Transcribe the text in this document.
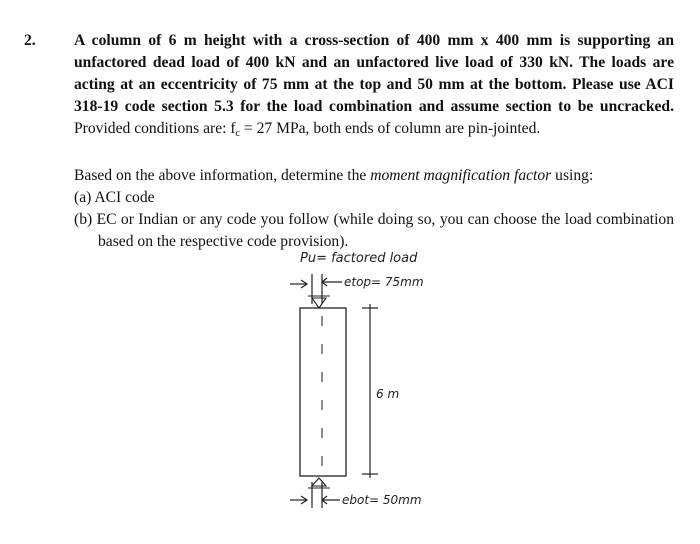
2. A column of 6 m height with a cross-section of 400 mm x 400 mm is supporting an unfactored dead load of 400 kN and an unfactored live load of 330 kN. The loads are acting at an eccentricity of 75 mm at the top and 50 mm at the bottom. Please use ACI 318-19 code section 5.3 for the load combination and assume section to be uncracked. Provided conditions are: $f_c = 27$ MPa, both ends of column are pin-jointed.
Based on the above information, determine the moment magnification factor using:
(a) ACI code
(b) EC or Indian or any code you follow (while doing so, you can choose the load combination based on the respective code provision).
Pu= factored load
etop= 75mm
6 m
ebot= 50mm
